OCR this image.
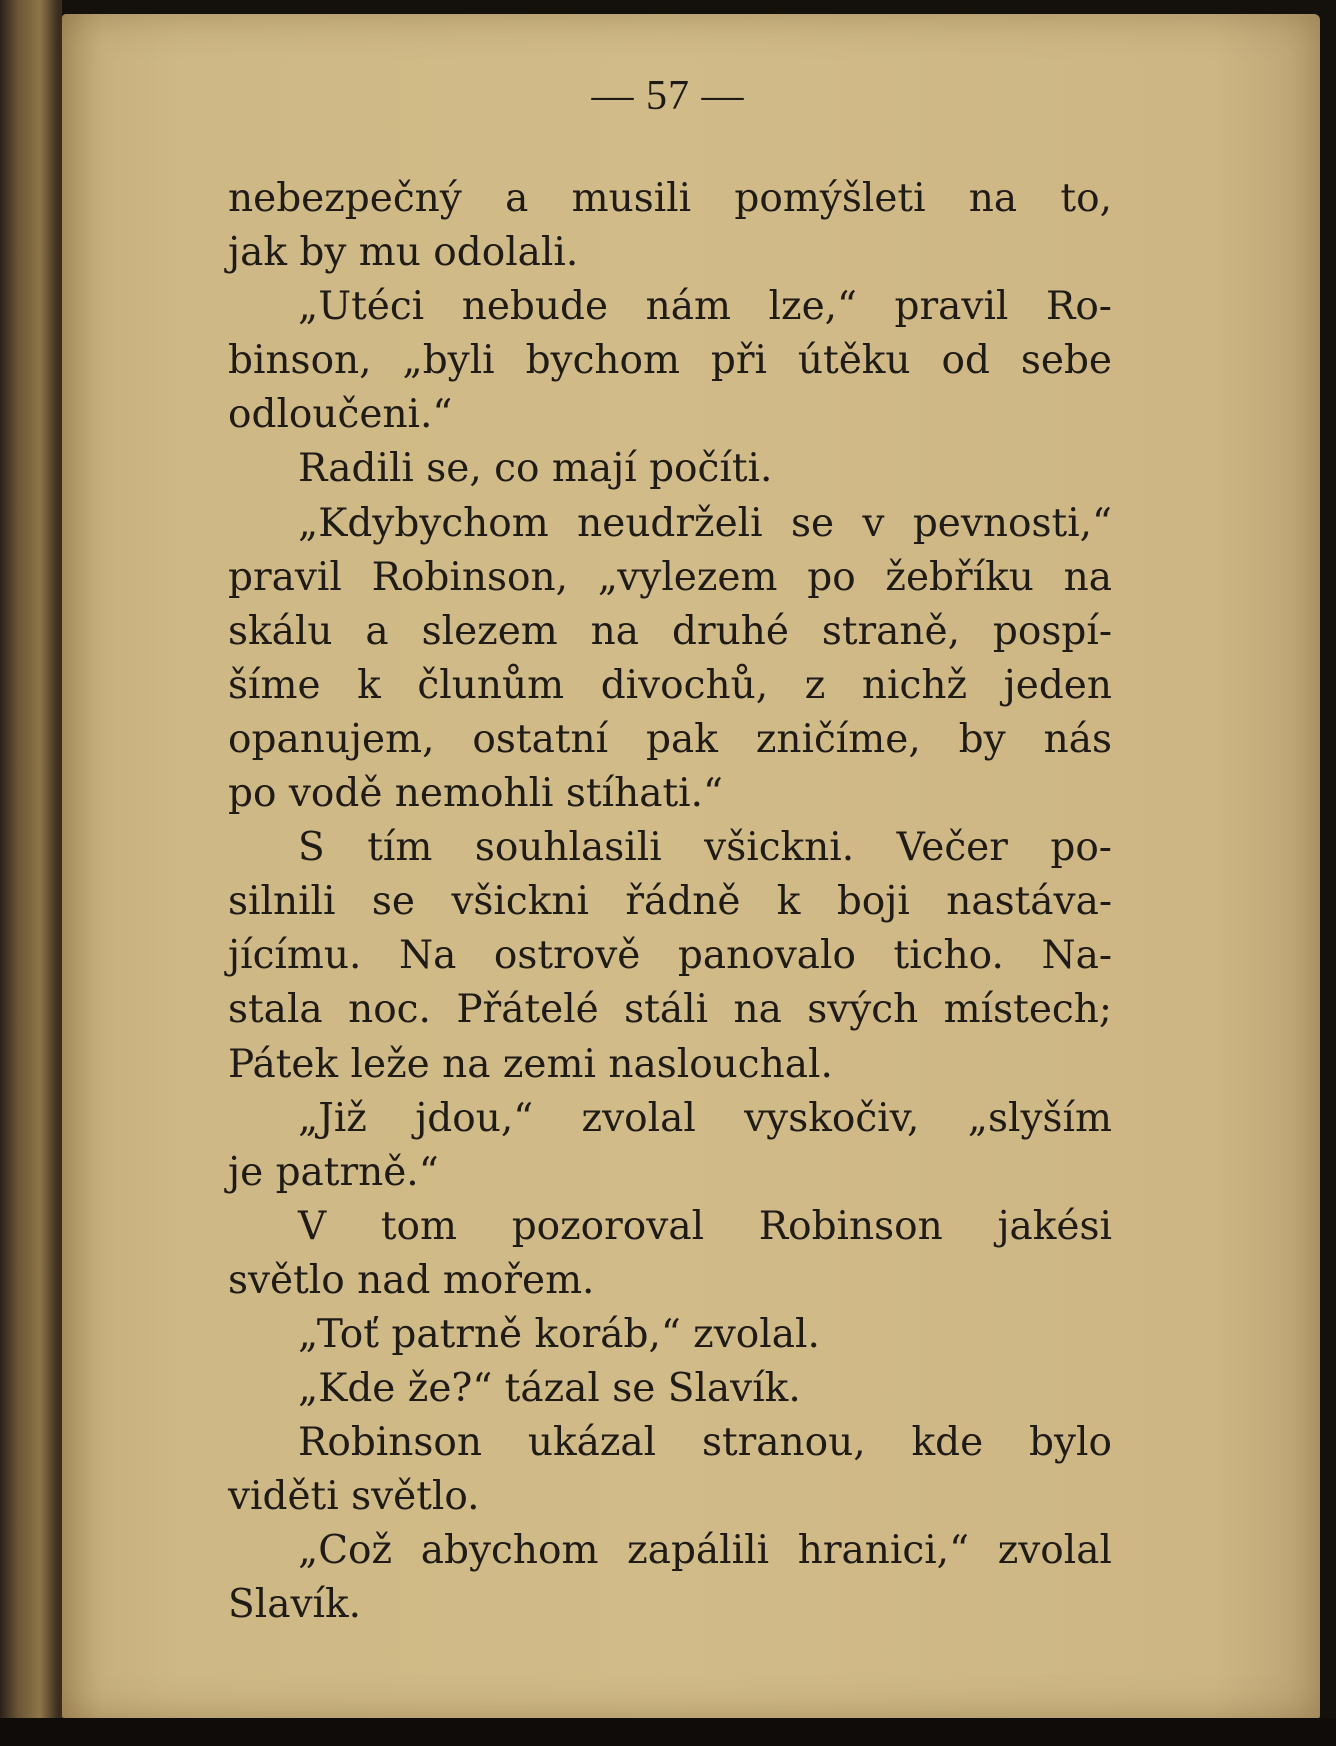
— 57 —
nebezpečný a musili pomýšleti na to,
jak by mu odolali.
„Utéci nebude nám lze,“ pravil Ro-
binson, „byli bychom při útěku od sebe
odloučeni.“
Radili se, co mají počíti.
„Kdybychom neudrželi se v pevnosti,“
pravil Robinson, „vylezem po žebříku na
skálu a slezem na druhé straně, pospí-
šíme k člunům divochů, z nichž jeden
opanujem, ostatní pak zničíme, by nás
po vodě nemohli stíhati.“
S tím souhlasili všickni. Večer po-
silnili se všickni řádně k boji nastáva-
jícímu. Na ostrově panovalo ticho. Na-
stala noc. Přátelé stáli na svých místech;
Pátek leže na zemi naslouchal.
„Již jdou,“ zvolal vyskočiv, „slyším
je patrně.“
V tom pozoroval Robinson jakési
světlo nad mořem.
„Toť patrně koráb,“ zvolal.
„Kde že?“ tázal se Slavík.
Robinson ukázal stranou, kde bylo
viděti světlo.
„Což abychom zapálili hranici,“ zvolal
Slavík.
